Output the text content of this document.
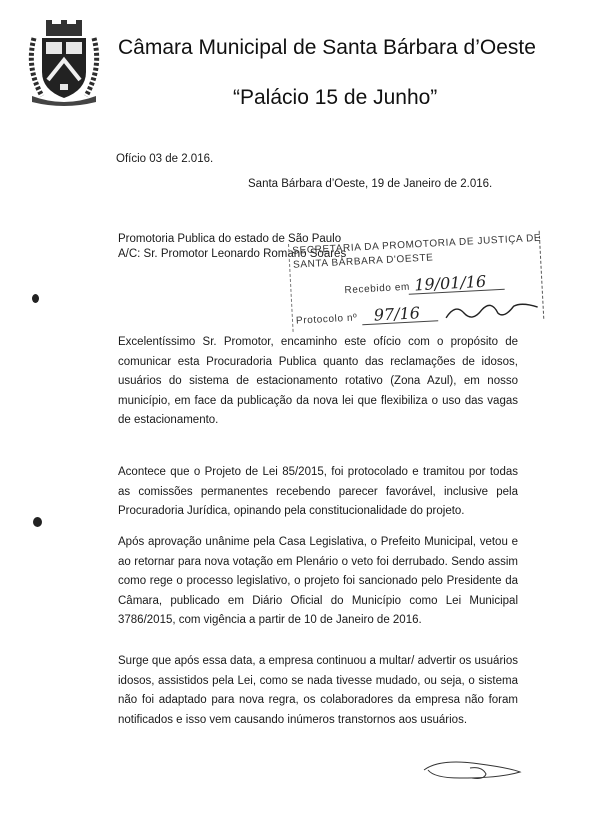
Câmara Municipal de Santa Bárbara d’Oeste
“Palácio 15 de Junho”
Ofício 03 de 2.016.
Santa Bárbara d’Oeste, 19 de Janeiro de 2.016.
Promotoria Publica do estado de São Paulo
A/C: Sr. Promotor Leonardo Romano Soares
SECRETARIA DA PROMOTORIA DE JUSTIÇA DE
SANTA BÁRBARA D'OESTE
Recebido em 19/01/16
Protocolo nº 97/16
Excelentíssimo Sr. Promotor, encaminho este ofício com o propósito de comunicar esta Procuradoria Publica quanto das reclamações de idosos, usuários do sistema de estacionamento rotativo (Zona Azul), em nosso município, em face da publicação da nova lei que flexibiliza o uso das vagas de estacionamento.
Acontece que o Projeto de Lei 85/2015, foi protocolado e tramitou por todas as comissões permanentes recebendo parecer favorável, inclusive pela Procuradoria Jurídica, opinando pela constitucionalidade do projeto.
Após aprovação unânime pela Casa Legislativa, o Prefeito Municipal, vetou e ao retornar para nova votação em Plenário o veto foi derrubado. Sendo assim como rege o processo legislativo, o projeto foi sancionado pelo Presidente da Câmara, publicado em Diário Oficial do Município como Lei Municipal 3786/2015, com vigência a partir de 10 de Janeiro de 2016.
Surge que após essa data, a empresa continuou a multar/ advertir os usuários idosos, assistidos pela Lei, como se nada tivesse mudado, ou seja, o sistema não foi adaptado para nova regra, os colaboradores da empresa não foram notificados e isso vem causando inúmeros transtornos aos usuários.
